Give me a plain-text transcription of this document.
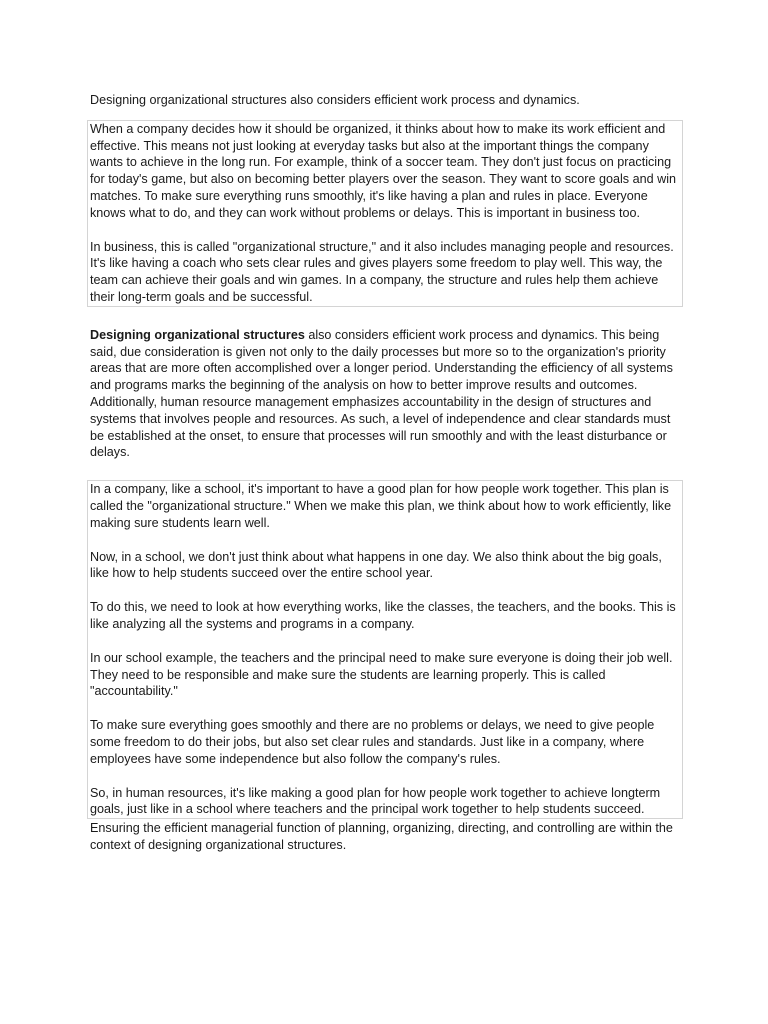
Designing organizational structures also considers efficient work process and dynamics.

When a company decides how it should be organized, it thinks about how to make its work efficient and effective. This means not just looking at everyday tasks but also at the important things the company wants to achieve in the long run. For example, think of a soccer team. They don't just focus on practicing for today's game, but also on becoming better players over the season. They want to score goals and win matches. To make sure everything runs smoothly, it's like having a plan and rules in place. Everyone knows what to do, and they can work without problems or delays. This is important in business too.

In business, this is called "organizational structure," and it also includes managing people and resources. It's like having a coach who sets clear rules and gives players some freedom to play well. This way, the team can achieve their goals and win games. In a company, the structure and rules help them achieve their long-term goals and be successful.

Designing organizational structures also considers efficient work process and dynamics. This being said, due consideration is given not only to the daily processes but more so to the organization's priority areas that are more often accomplished over a longer period. Understanding the efficiency of all systems and programs marks the beginning of the analysis on how to better improve results and outcomes. Additionally, human resource management emphasizes accountability in the design of structures and systems that involves people and resources. As such, a level of independence and clear standards must be established at the onset, to ensure that processes will run smoothly and with the least disturbance or delays.

In a company, like a school, it's important to have a good plan for how people work together. This plan is called the "organizational structure." When we make this plan, we think about how to work efficiently, like making sure students learn well.

Now, in a school, we don't just think about what happens in one day. We also think about the big goals, like how to help students succeed over the entire school year.

To do this, we need to look at how everything works, like the classes, the teachers, and the books. This is like analyzing all the systems and programs in a company.

In our school example, the teachers and the principal need to make sure everyone is doing their job well. They need to be responsible and make sure the students are learning properly. This is called "accountability."

To make sure everything goes smoothly and there are no problems or delays, we need to give people some freedom to do their jobs, but also set clear rules and standards. Just like in a company, where employees have some independence but also follow the company's rules.

So, in human resources, it's like making a good plan for how people work together to achieve longterm goals, just like in a school where teachers and the principal work together to help students succeed.

Ensuring the efficient managerial function of planning, organizing, directing, and controlling are within the context of designing organizational structures.
